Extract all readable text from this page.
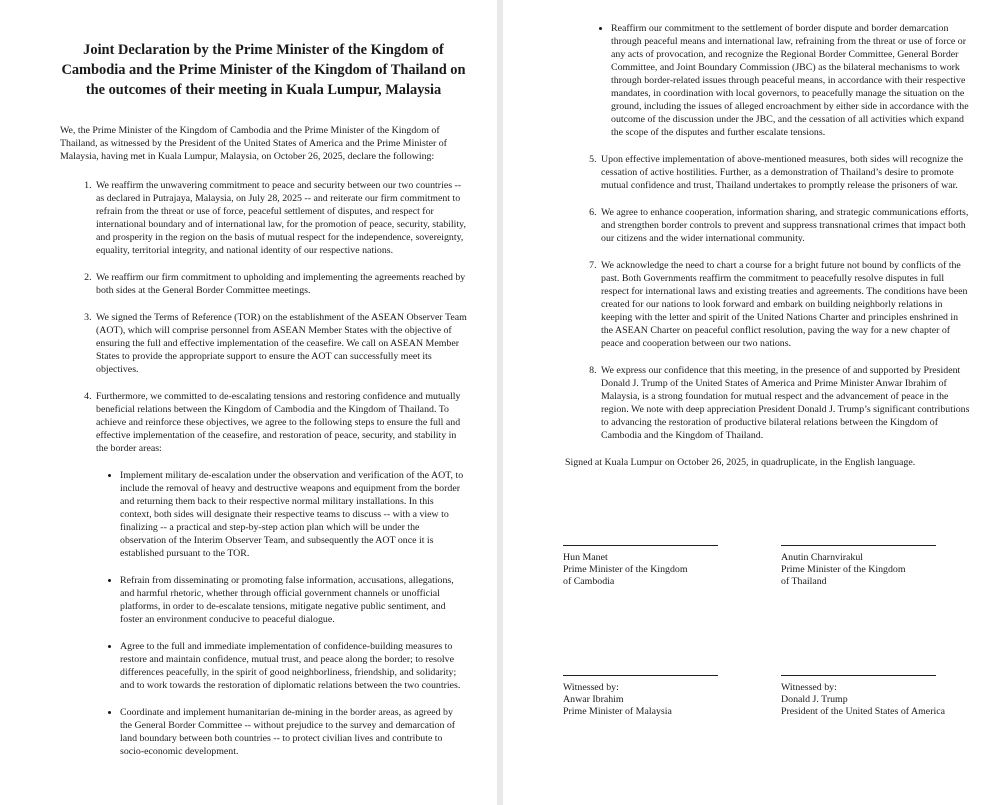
Joint Declaration by the Prime Minister of the Kingdom of Cambodia and the Prime Minister of the Kingdom of Thailand on the outcomes of their meeting in Kuala Lumpur, Malaysia
We, the Prime Minister of the Kingdom of Cambodia and the Prime Minister of the Kingdom of Thailand, as witnessed by the President of the United States of America and the Prime Minister of Malaysia, having met in Kuala Lumpur, Malaysia, on October 26, 2025, declare the following:
1. We reaffirm the unwavering commitment to peace and security between our two countries -- as declared in Putrajaya, Malaysia, on July 28, 2025 -- and reiterate our firm commitment to refrain from the threat or use of force, peaceful settlement of disputes, and respect for international boundary and of international law, for the promotion of peace, security, stability, and prosperity in the region on the basis of mutual respect for the independence, sovereignty, equality, territorial integrity, and national identity of our respective nations.
2. We reaffirm our firm commitment to upholding and implementing the agreements reached by both sides at the General Border Committee meetings.
3. We signed the Terms of Reference (TOR) on the establishment of the ASEAN Observer Team (AOT), which will comprise personnel from ASEAN Member States with the objective of ensuring the full and effective implementation of the ceasefire. We call on ASEAN Member States to provide the appropriate support to ensure the AOT can successfully meet its objectives.
4. Furthermore, we committed to de-escalating tensions and restoring confidence and mutually beneficial relations between the Kingdom of Cambodia and the Kingdom of Thailand. To achieve and reinforce these objectives, we agree to the following steps to ensure the full and effective implementation of the ceasefire, and restoration of peace, security, and stability in the border areas:
• Implement military de-escalation under the observation and verification of the AOT, to include the removal of heavy and destructive weapons and equipment from the border and returning them back to their respective normal military installations. In this context, both sides will designate their respective teams to discuss -- with a view to finalizing -- a practical and step-by-step action plan which will be under the observation of the Interim Observer Team, and subsequently the AOT once it is established pursuant to the TOR.
• Refrain from disseminating or promoting false information, accusations, allegations, and harmful rhetoric, whether through official government channels or unofficial platforms, in order to de-escalate tensions, mitigate negative public sentiment, and foster an environment conducive to peaceful dialogue.
• Agree to the full and immediate implementation of confidence-building measures to restore and maintain confidence, mutual trust, and peace along the border; to resolve differences peacefully, in the spirit of good neighborliness, friendship, and solidarity; and to work towards the restoration of diplomatic relations between the two countries.
• Coordinate and implement humanitarian de-mining in the border areas, as agreed by the General Border Committee -- without prejudice to the survey and demarcation of land boundary between both countries -- to protect civilian lives and contribute to socio-economic development.
• Reaffirm our commitment to the settlement of border dispute and border demarcation through peaceful means and international law, refraining from the threat or use of force or any acts of provocation, and recognize the Regional Border Committee, General Border Committee, and Joint Boundary Commission (JBC) as the bilateral mechanisms to work through border-related issues through peaceful means, in accordance with their respective mandates, in coordination with local governors, to peacefully manage the situation on the ground, including the issues of alleged encroachment by either side in accordance with the outcome of the discussion under the JBC, and the cessation of all activities which expand the scope of the disputes and further escalate tensions.
5. Upon effective implementation of above-mentioned measures, both sides will recognize the cessation of active hostilities. Further, as a demonstration of Thailand’s desire to promote mutual confidence and trust, Thailand undertakes to promptly release the prisoners of war.
6. We agree to enhance cooperation, information sharing, and strategic communications efforts, and strengthen border controls to prevent and suppress transnational crimes that impact both our citizens and the wider international community.
7. We acknowledge the need to chart a course for a bright future not bound by conflicts of the past. Both Governments reaffirm the commitment to peacefully resolve disputes in full respect for international laws and existing treaties and agreements. The conditions have been created for our nations to look forward and embark on building neighborly relations in keeping with the letter and spirit of the United Nations Charter and principles enshrined in the ASEAN Charter on peaceful conflict resolution, paving the way for a new chapter of peace and cooperation between our two nations.
8. We express our confidence that this meeting, in the presence of and supported by President Donald J. Trump of the United States of America and Prime Minister Anwar Ibrahim of Malaysia, is a strong foundation for mutual respect and the advancement of peace in the region. We note with deep appreciation President Donald J. Trump’s significant contributions to advancing the restoration of productive bilateral relations between the Kingdom of Cambodia and the Kingdom of Thailand.
Signed at Kuala Lumpur on October 26, 2025, in quadruplicate, in the English language.
Hun Manet
Prime Minister of the Kingdom
of Cambodia
Anutin Charnvirakul
Prime Minister of the Kingdom
of Thailand
Witnessed by:
Anwar Ibrahim
Prime Minister of Malaysia
Witnessed by:
Donald J. Trump
President of the United States of America
